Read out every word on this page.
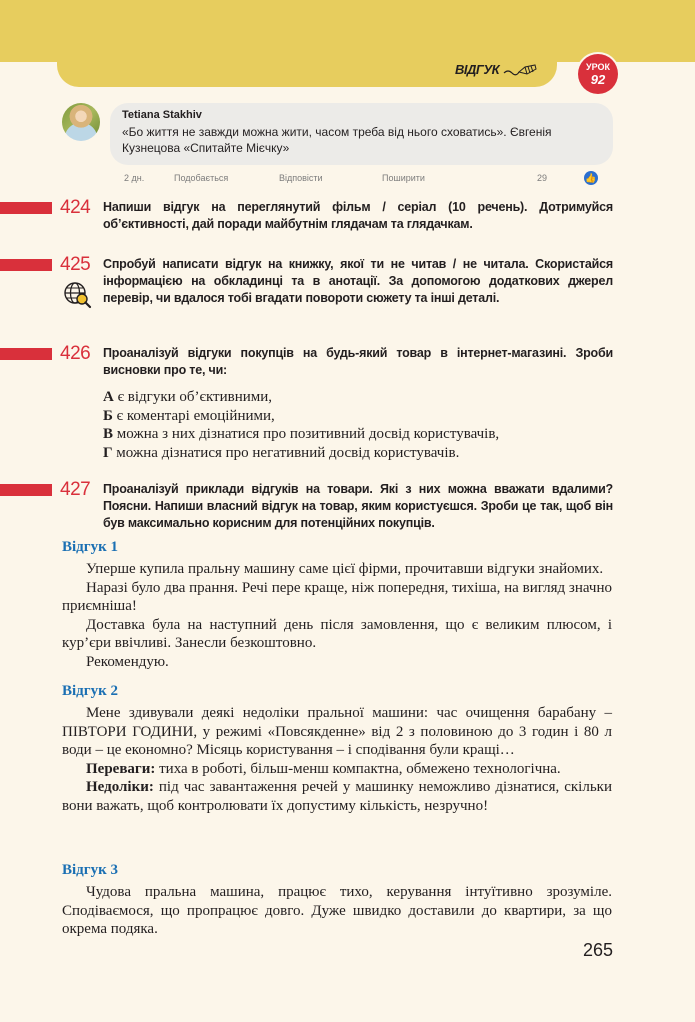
ВІДГУК	УРОК
92
Tetiana Stakhiv
«Бо життя не завжди можна жити, часом треба від нього сховатись». Євгенія Кузнецова «Спитайте Мієчку»
2 дн.	Подобається	Відповісти	Поширити	29	👍
424 Напиши відгук на переглянутий фільм / серіал (10 речень). Дотримуйся об’єктивності, дай поради майбутнім глядачам та глядачкам.
425 Спробуй написати відгук на книжку, якої ти не читав / не читала. Скористайся інформацією на обкладинці та в анотації. За допомогою додаткових джерел перевір, чи вдалося тобі вгадати повороти сюжету та інші деталі.
426 Проаналізуй відгуки покупців на будь-який товар в інтернет-магазині. Зроби висновки про те, чи:
А є відгуки об’єктивними,
Б є коментарі емоційними,
В можна з них дізнатися про позитивний досвід користувачів,
Г можна дізнатися про негативний досвід користувачів.
427 Проаналізуй приклади відгуків на товари. Які з них можна вважати вдалими? Поясни. Напиши власний відгук на товар, яким користуєшся. Зроби це так, щоб він був максимально корисним для потенційних покупців.
Відгук 1

Уперше купила пральну машину саме цієї фірми, прочитавши відгуки знайомих.

Наразі було два прання. Речі пере краще, ніж попередня, тихіша, на вигляд значно приємніша!

Доставка була на наступний день після замовлення, що є великим плюсом, і кур’єри ввічливі. Занесли безкоштовно.

Рекомендую.

Відгук 2

Мене здивували деякі недоліки пральної машини: час очищення барабану – ПІВТОРИ ГОДИНИ, у режимі «Повсякденне» від 2 з половиною до 3 годин і 80 л води – це економно? Місяць користування – і сподівання були кращі…

Переваги: тиха в роботі, більш-менш компактна, обмежено технологічна.

Недоліки: під час завантаження речей у машинку неможливо дізнатися, скільки вони важать, щоб контролювати їх допустиму кількість, незручно!

Відгук 3

Чудова пральна машина, працює тихо, керування інтуїтивно зрозуміле. Сподіваємося, що пропрацює довго. Дуже швидко доставили до квартири, за що окрема подяка.

265
